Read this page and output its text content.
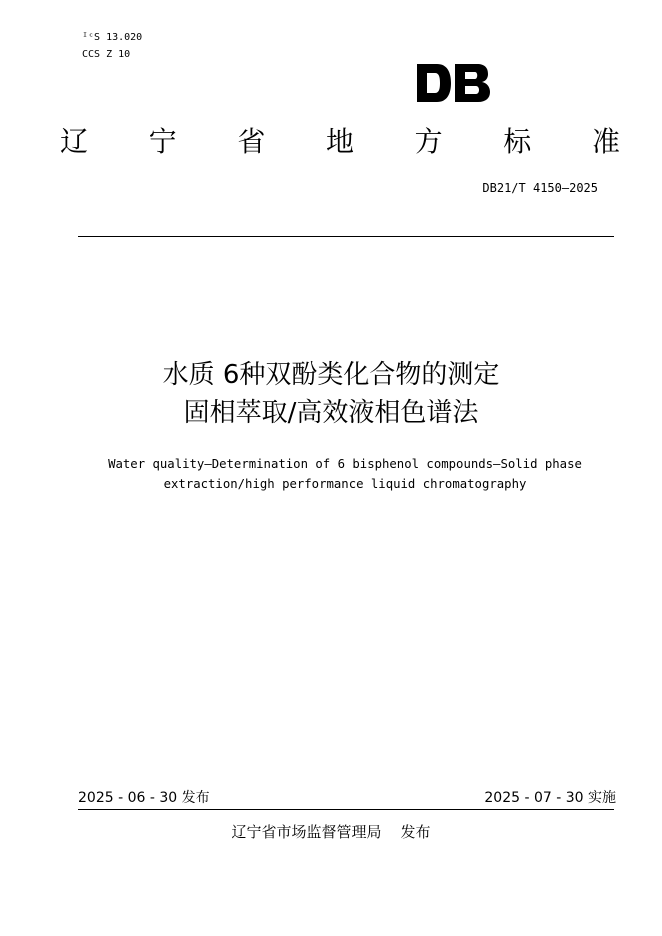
ᴵᶜS 13.020
CCS Z 10
辽 宁 省 地 方 标 准
DB21/T 4150—2025
水质 6种双酚类化合物的测定
固相萃取/高效液相色谱法
Water quality—Determination of 6 bisphenol compounds—Solid phase
extraction/high performance liquid chromatography
2025 - 06 - 30 发布	2025 - 07 - 30 实施
辽宁省市场监督管理局    发布
